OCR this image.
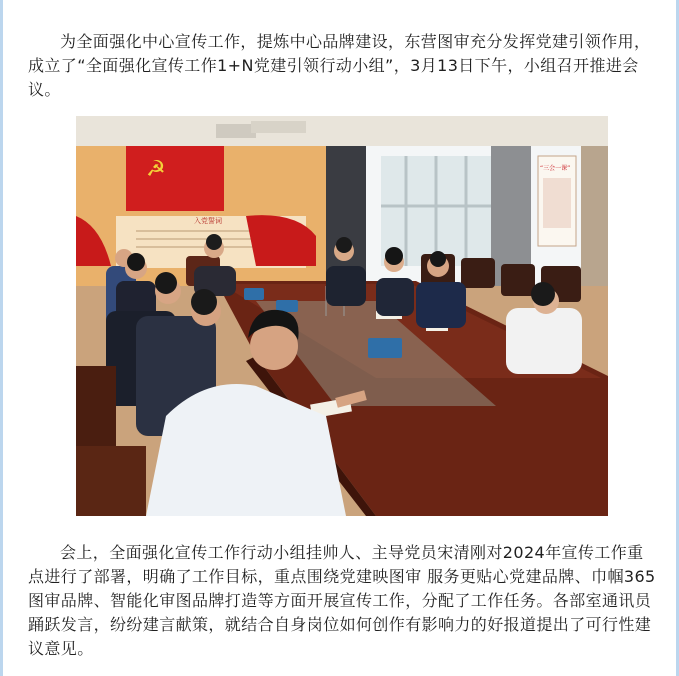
为全面强化中心宣传工作，提炼中心品牌建设，东营图审充分发挥党建引领作用，成立了“全面强化宣传工作1+N党建引领行动小组”，3月13日下午，小组召开推进会议。

☭
入党誓词
“三会一课”

会上，全面强化宣传工作行动小组挂帅人、主导党员宋清刚对2024年宣传工作重点进行了部署，明确了工作目标，重点围绕党建映图审 服务更贴心党建品牌、巾帼365图审品牌、智能化审图品牌打造等方面开展宣传工作，分配了工作任务。各部室通讯员踊跃发言，纷纷建言献策，就结合自身岗位如何创作有影响力的好报道提出了可行性建议意见。
